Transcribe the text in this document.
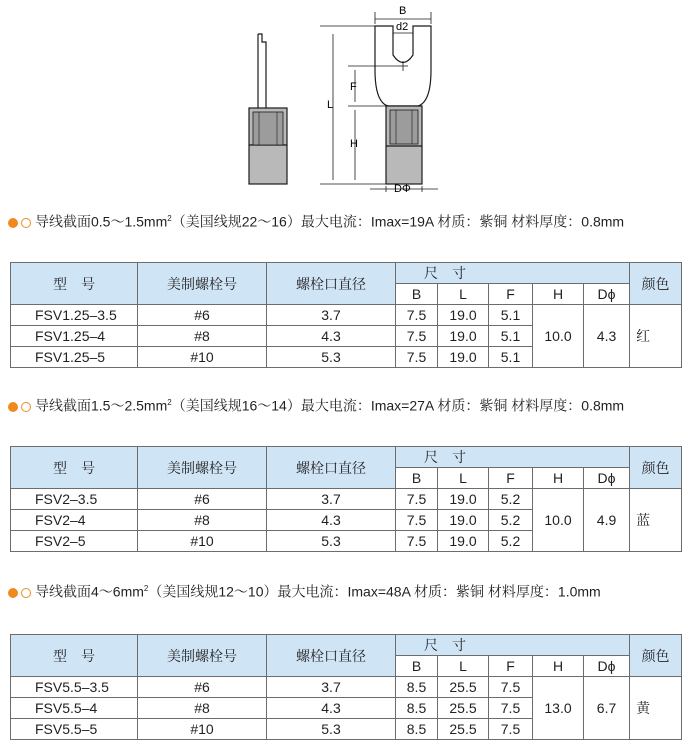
B
d2
L
F
H
DΦ
导线截面$0.5\sim 1.5mm^2$（美国线规22～16）最大电流：Imax=19A 材质：紫铜 材料厚度：0.8mm
型　号	美制螺栓号	螺栓口直径	尺　寸					颜色
			B	L	F	H	Dϕ	
FSV1.25–3.5	#6	3.7	7.5	19.0	5.1	10.0	4.3	红
FSV1.25–4	#8	4.3	7.5	19.0	5.1			
FSV1.25–5	#10	5.3	7.5	19.0	5.1			
导线截面$1.5\sim 2.5mm^2$（美国线规16～14）最大电流：Imax=27A 材质：紫铜 材料厚度：0.8mm
型　号	美制螺栓号	螺栓口直径	尺　寸					颜色
			B	L	F	H	Dϕ	
FSV2–3.5	#6	3.7	7.5	19.0	5.2	10.0	4.9	蓝
FSV2–4	#8	4.3	7.5	19.0	5.2			
FSV2–5	#10	5.3	7.5	19.0	5.2			
导线截面$4\sim 6mm^2$（美国线规12～10）最大电流：Imax=48A 材质：紫铜 材料厚度：1.0mm
型　号	美制螺栓号	螺栓口直径	尺　寸					颜色
			B	L	F	H	Dϕ	
FSV5.5–3.5	#6	3.7	8.5	25.5	7.5	13.0	6.7	黄
FSV5.5–4	#8	4.3	8.5	25.5	7.5			
FSV5.5–5	#10	5.3	8.5	25.5	7.5			
